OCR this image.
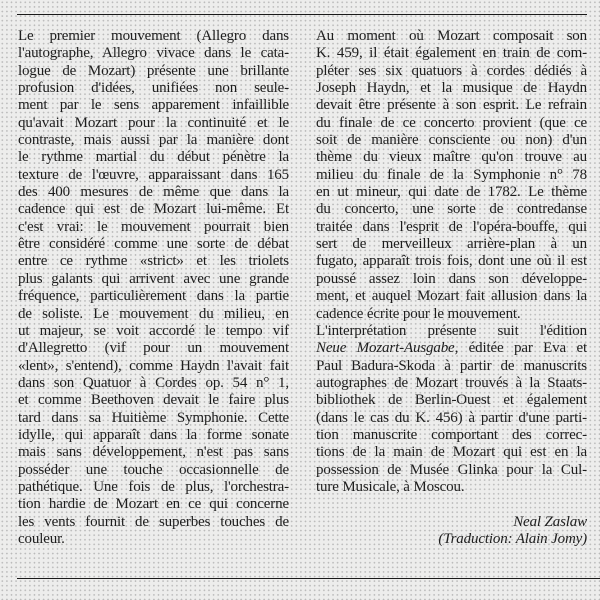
Le premier mouvement (Allegro dans
l'autographe, Allegro vivace dans le cata-
logue de Mozart) présente une brillante
profusion d'idées, unifiées non seule-
ment par le sens apparement infaillible
qu'avait Mozart pour la continuité et le
contraste, mais aussi par la manière dont
le rythme martial du début pénètre la
texture de l'œuvre, apparaissant dans 165
des 400 mesures de même que dans la
cadence qui est de Mozart lui-même. Et
c'est vrai: le mouvement pourrait bien
être considéré comme une sorte de débat
entre ce rythme «strict» et les triolets
plus galants qui arrivent avec une grande
fréquence, particulièrement dans la partie
de soliste. Le mouvement du milieu, en
ut majeur, se voit accordé le tempo vif
d'Allegretto (vif pour un mouvement
«lent», s'entend), comme Haydn l'avait fait
dans son Quatuor à Cordes op. 54 n° 1,
et comme Beethoven devait le faire plus
tard dans sa Huitième Symphonie. Cette
idylle, qui apparaît dans la forme sonate
mais sans développement, n'est pas sans
posséder une touche occasionnelle de
pathétique. Une fois de plus, l'orchestra-
tion hardie de Mozart en ce qui concerne
les vents fournit de superbes touches de
couleur.
Au moment où Mozart composait son
K. 459, il était également en train de com-
pléter ses six quatuors à cordes dédiés à
Joseph Haydn, et la musique de Haydn
devait être présente à son esprit. Le refrain
du finale de ce concerto provient (que ce
soit de manière consciente ou non) d'un
thème du vieux maître qu'on trouve au
milieu du finale de la Symphonie n° 78
en ut mineur, qui date de 1782. Le thème
du concerto, une sorte de contredanse
traitée dans l'esprit de l'opéra-bouffe, qui
sert de merveilleux arrière-plan à un
fugato, apparaît trois fois, dont une où il est
poussé assez loin dans son développe-
ment, et auquel Mozart fait allusion dans la
cadence écrite pour le mouvement.
L'interprétation présente suit l'édition
Neue Mozart-Ausgabe, éditée par Eva et
Paul Badura-Skoda à partir de manuscrits
autographes de Mozart trouvés à la Staats-
bibliothek de Berlin-Ouest et également
(dans le cas du K. 456) à partir d'une parti-
tion manuscrite comportant des correc-
tions de la main de Mozart qui est en la
possession de Musée Glinka pour la Cul-
ture Musicale, à Moscou.
Neal Zaslaw
(Traduction: Alain Jomy)
